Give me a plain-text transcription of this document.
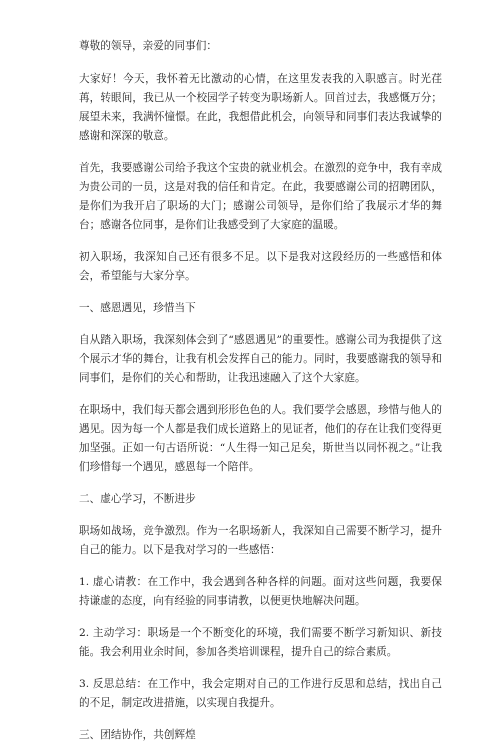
尊敬的领导，亲爱的同事们：

大家好！今天，我怀着无比激动的心情，在这里发表我的入职感言。时光荏苒，转眼间，我已从一个校园学子转变为职场新人。回首过去，我感慨万分；展望未来，我满怀憧憬。在此，我想借此机会，向领导和同事们表达我诚挚的感谢和深深的敬意。

首先，我要感谢公司给予我这个宝贵的就业机会。在激烈的竞争中，我有幸成为贵公司的一员，这是对我的信任和肯定。在此，我要感谢公司的招聘团队，是你们为我开启了职场的大门；感谢公司领导，是你们给了我展示才华的舞台；感谢各位同事，是你们让我感受到了大家庭的温暖。

初入职场，我深知自己还有很多不足。以下是我对这段经历的一些感悟和体会，希望能与大家分享。

一、感恩遇见，珍惜当下

自从踏入职场，我深刻体会到了“感恩遇见”的重要性。感谢公司为我提供了这个展示才华的舞台，让我有机会发挥自己的能力。同时，我要感谢我的领导和同事们，是你们的关心和帮助，让我迅速融入了这个大家庭。

在职场中，我们每天都会遇到形形色色的人。我们要学会感恩，珍惜与他人的遇见。因为每一个人都是我们成长道路上的见证者，他们的存在让我们变得更加坚强。正如一句古语所说：“人生得一知己足矣，斯世当以同怀视之。”让我们珍惜每一个遇见，感恩每一个陪伴。

二、虚心学习，不断进步

职场如战场，竞争激烈。作为一名职场新人，我深知自己需要不断学习，提升自己的能力。以下是我对学习的一些感悟：

1. 虚心请教：在工作中，我会遇到各种各样的问题。面对这些问题，我要保持谦虚的态度，向有经验的同事请教，以便更快地解决问题。

2. 主动学习：职场是一个不断变化的环境，我们需要不断学习新知识、新技能。我会利用业余时间，参加各类培训课程，提升自己的综合素质。

3. 反思总结：在工作中，我会定期对自己的工作进行反思和总结，找出自己的不足，制定改进措施，以实现自我提升。

三、团结协作，共创辉煌
